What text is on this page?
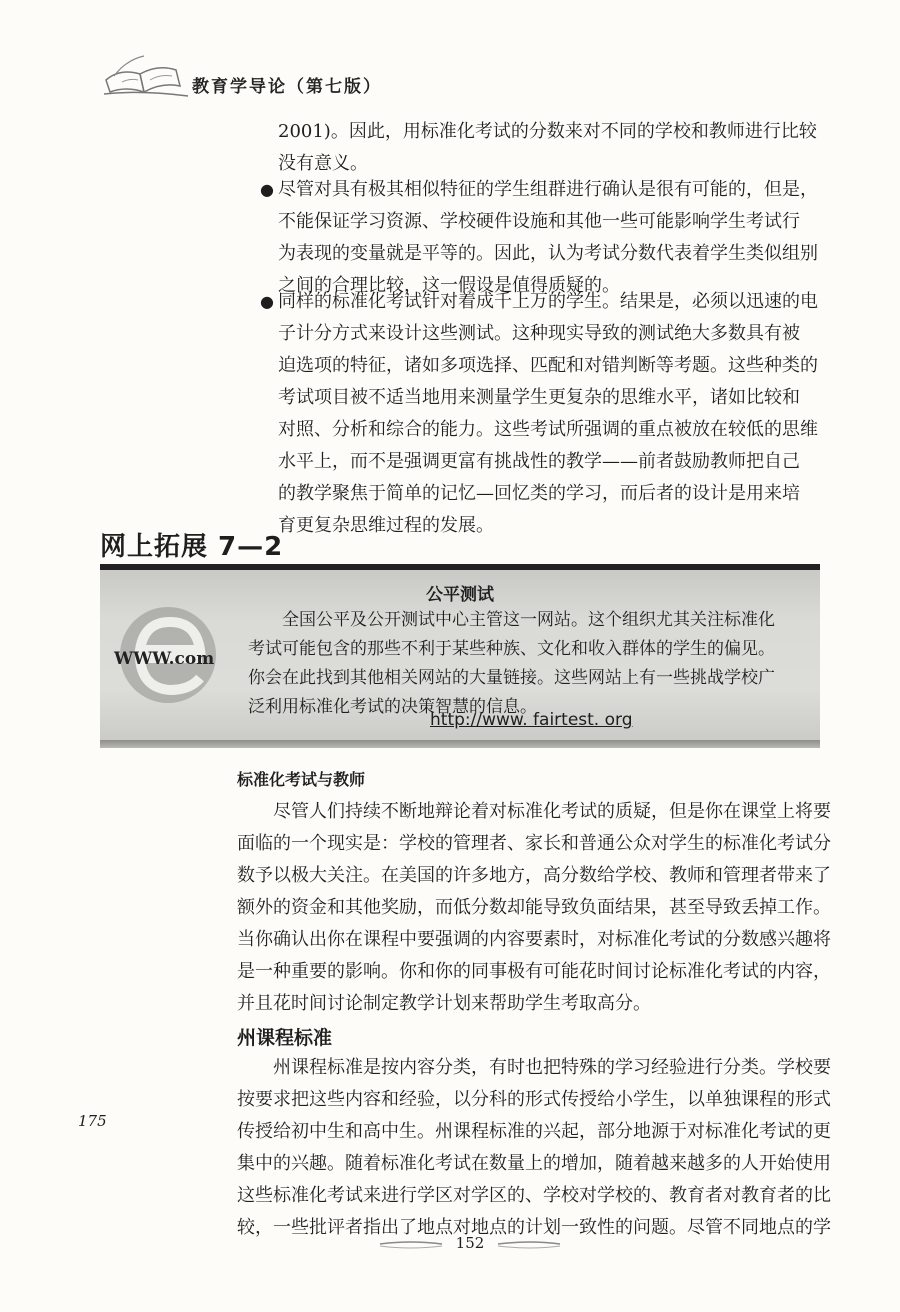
教育学导论（第七版）
2001)。因此，用标准化考试的分数来对不同的学校和教师进行比较
没有意义。
● 尽管对具有极其相似特征的学生组群进行确认是很有可能的，但是，
不能保证学习资源、学校硬件设施和其他一些可能影响学生考试行
为表现的变量就是平等的。因此，认为考试分数代表着学生类似组别
之间的合理比较，这一假设是值得质疑的。
● 同样的标准化考试针对着成千上万的学生。结果是，必须以迅速的电
子计分方式来设计这些测试。这种现实导致的测试绝大多数具有被
迫选项的特征，诸如多项选择、匹配和对错判断等考题。这些种类的
考试项目被不适当地用来测量学生更复杂的思维水平，诸如比较和
对照、分析和综合的能力。这些考试所强调的重点被放在较低的思维
水平上，而不是强调更富有挑战性的教学——前者鼓励教师把自己
的教学聚焦于简单的记忆—回忆类的学习，而后者的设计是用来培
育更复杂思维过程的发展。
网上拓展 7—2
WWW.com
公平测试
　　全国公平及公开测试中心主管这一网站。这个组织尤其关注标准化
考试可能包含的那些不利于某些种族、文化和收入群体的学生的偏见。
你会在此找到其他相关网站的大量链接。这些网站上有一些挑战学校广
泛利用标准化考试的决策智慧的信息。
http://www. fairtest. org
标准化考试与教师
　　尽管人们持续不断地辩论着对标准化考试的质疑，但是你在课堂上将要
面临的一个现实是：学校的管理者、家长和普通公众对学生的标准化考试分
数予以极大关注。在美国的许多地方，高分数给学校、教师和管理者带来了
额外的资金和其他奖励，而低分数却能导致负面结果，甚至导致丢掉工作。
当你确认出你在课程中要强调的内容要素时，对标准化考试的分数感兴趣将
是一种重要的影响。你和你的同事极有可能花时间讨论标准化考试的内容，
并且花时间讨论制定教学计划来帮助学生考取高分。
州课程标准
　　州课程标准是按内容分类，有时也把特殊的学习经验进行分类。学校要
按要求把这些内容和经验，以分科的形式传授给小学生，以单独课程的形式
传授给初中生和高中生。州课程标准的兴起，部分地源于对标准化考试的更
集中的兴趣。随着标准化考试在数量上的增加，随着越来越多的人开始使用
这些标准化考试来进行学区对学区的、学校对学校的、教育者对教育者的比
较，一些批评者指出了地点对地点的计划一致性的问题。尽管不同地点的学
175
152
